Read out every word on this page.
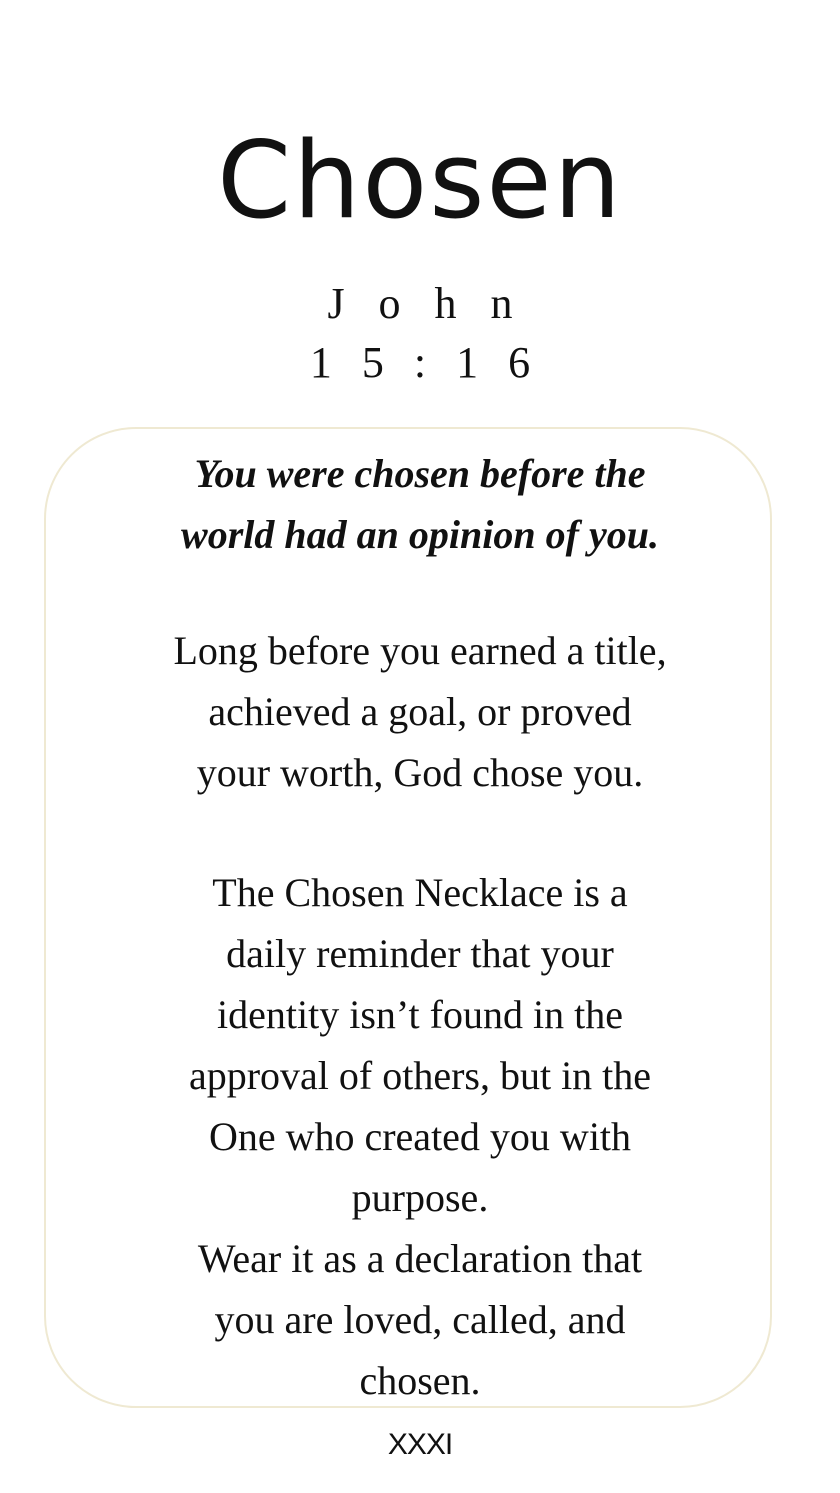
Chosen
John
15:16
You were chosen before the
world had an opinion of you.
Long before you earned a title,
achieved a goal, or proved
your worth, God chose you.
The Chosen Necklace is a
daily reminder that your
identity isn’t found in the
approval of others, but in the
One who created you with
purpose.
Wear it as a declaration that
you are loved, called, and
chosen.
XXXI
